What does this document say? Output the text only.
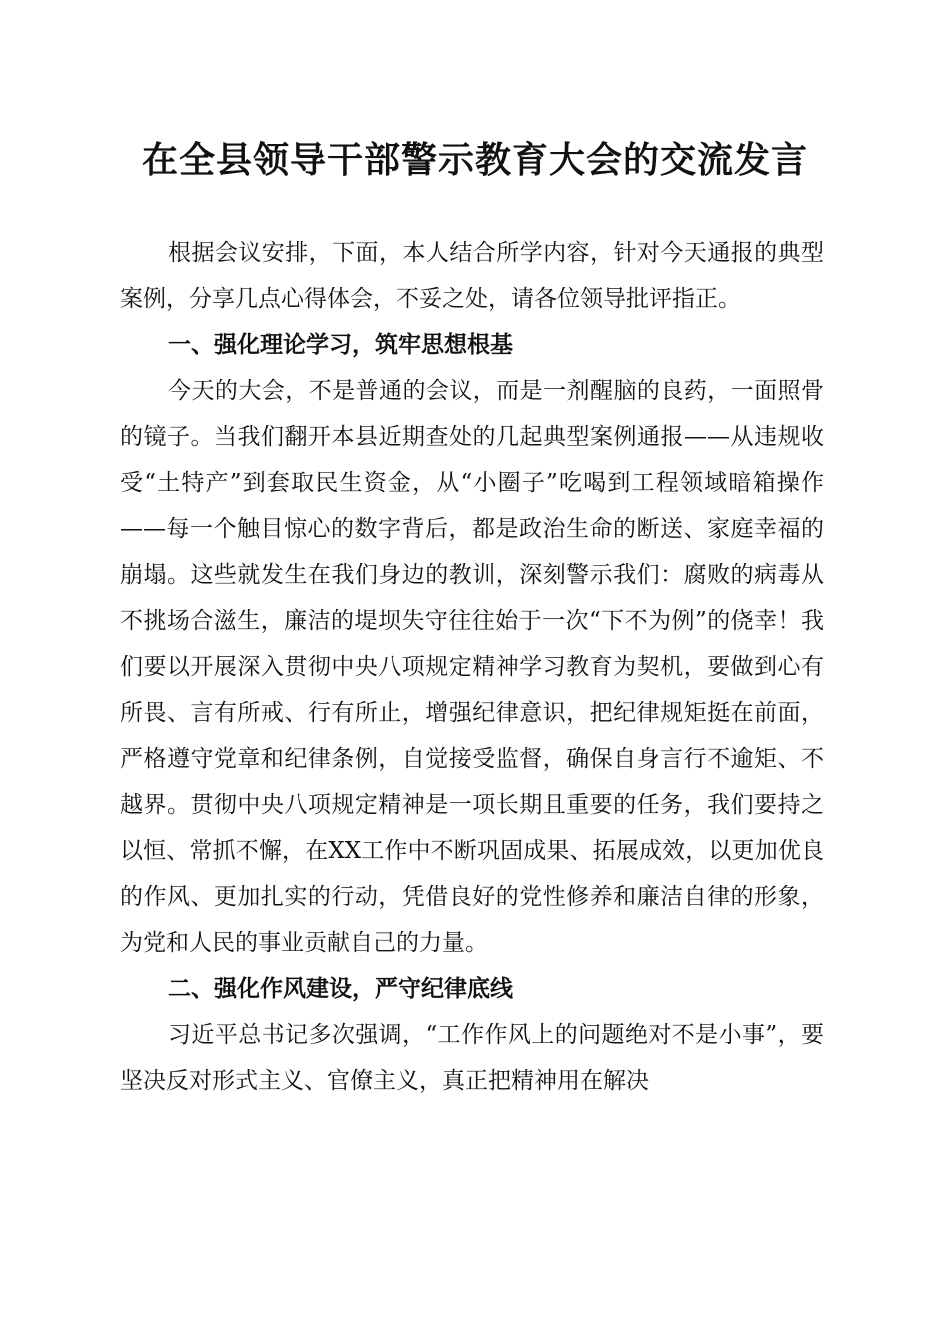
在全县领导干部警示教育大会的交流发言

根据会议安排，下面，本人结合所学内容，针对今天通报的典型案例，分享几点心得体会，不妥之处，请各位领导批评指正。

一、强化理论学习，筑牢思想根基

今天的大会，不是普通的会议，而是一剂醒脑的良药，一面照骨的镜子。当我们翻开本县近期查处的几起典型案例通报——从违规收受“土特产”到套取民生资金，从“小圈子”吃喝到工程领域暗箱操作——每一个触目惊心的数字背后，都是政治生命的断送、家庭幸福的崩塌。这些就发生在我们身边的教训，深刻警示我们：腐败的病毒从不挑场合滋生，廉洁的堤坝失守往往始于一次“下不为例”的侥幸！我们要以开展深入贯彻中央八项规定精神学习教育为契机，要做到心有所畏、言有所戒、行有所止，增强纪律意识，把纪律规矩挺在前面，严格遵守党章和纪律条例，自觉接受监督，确保自身言行不逾矩、不越界。贯彻中央八项规定精神是一项长期且重要的任务，我们要持之以恒、常抓不懈，在XX工作中不断巩固成果、拓展成效，以更加优良的作风、更加扎实的行动，凭借良好的党性修养和廉洁自律的形象，为党和人民的事业贡献自己的力量。

二、强化作风建设，严守纪律底线

习近平总书记多次强调，“工作作风上的问题绝对不是小事”，要坚决反对形式主义、官僚主义，真正把精神用在解决
